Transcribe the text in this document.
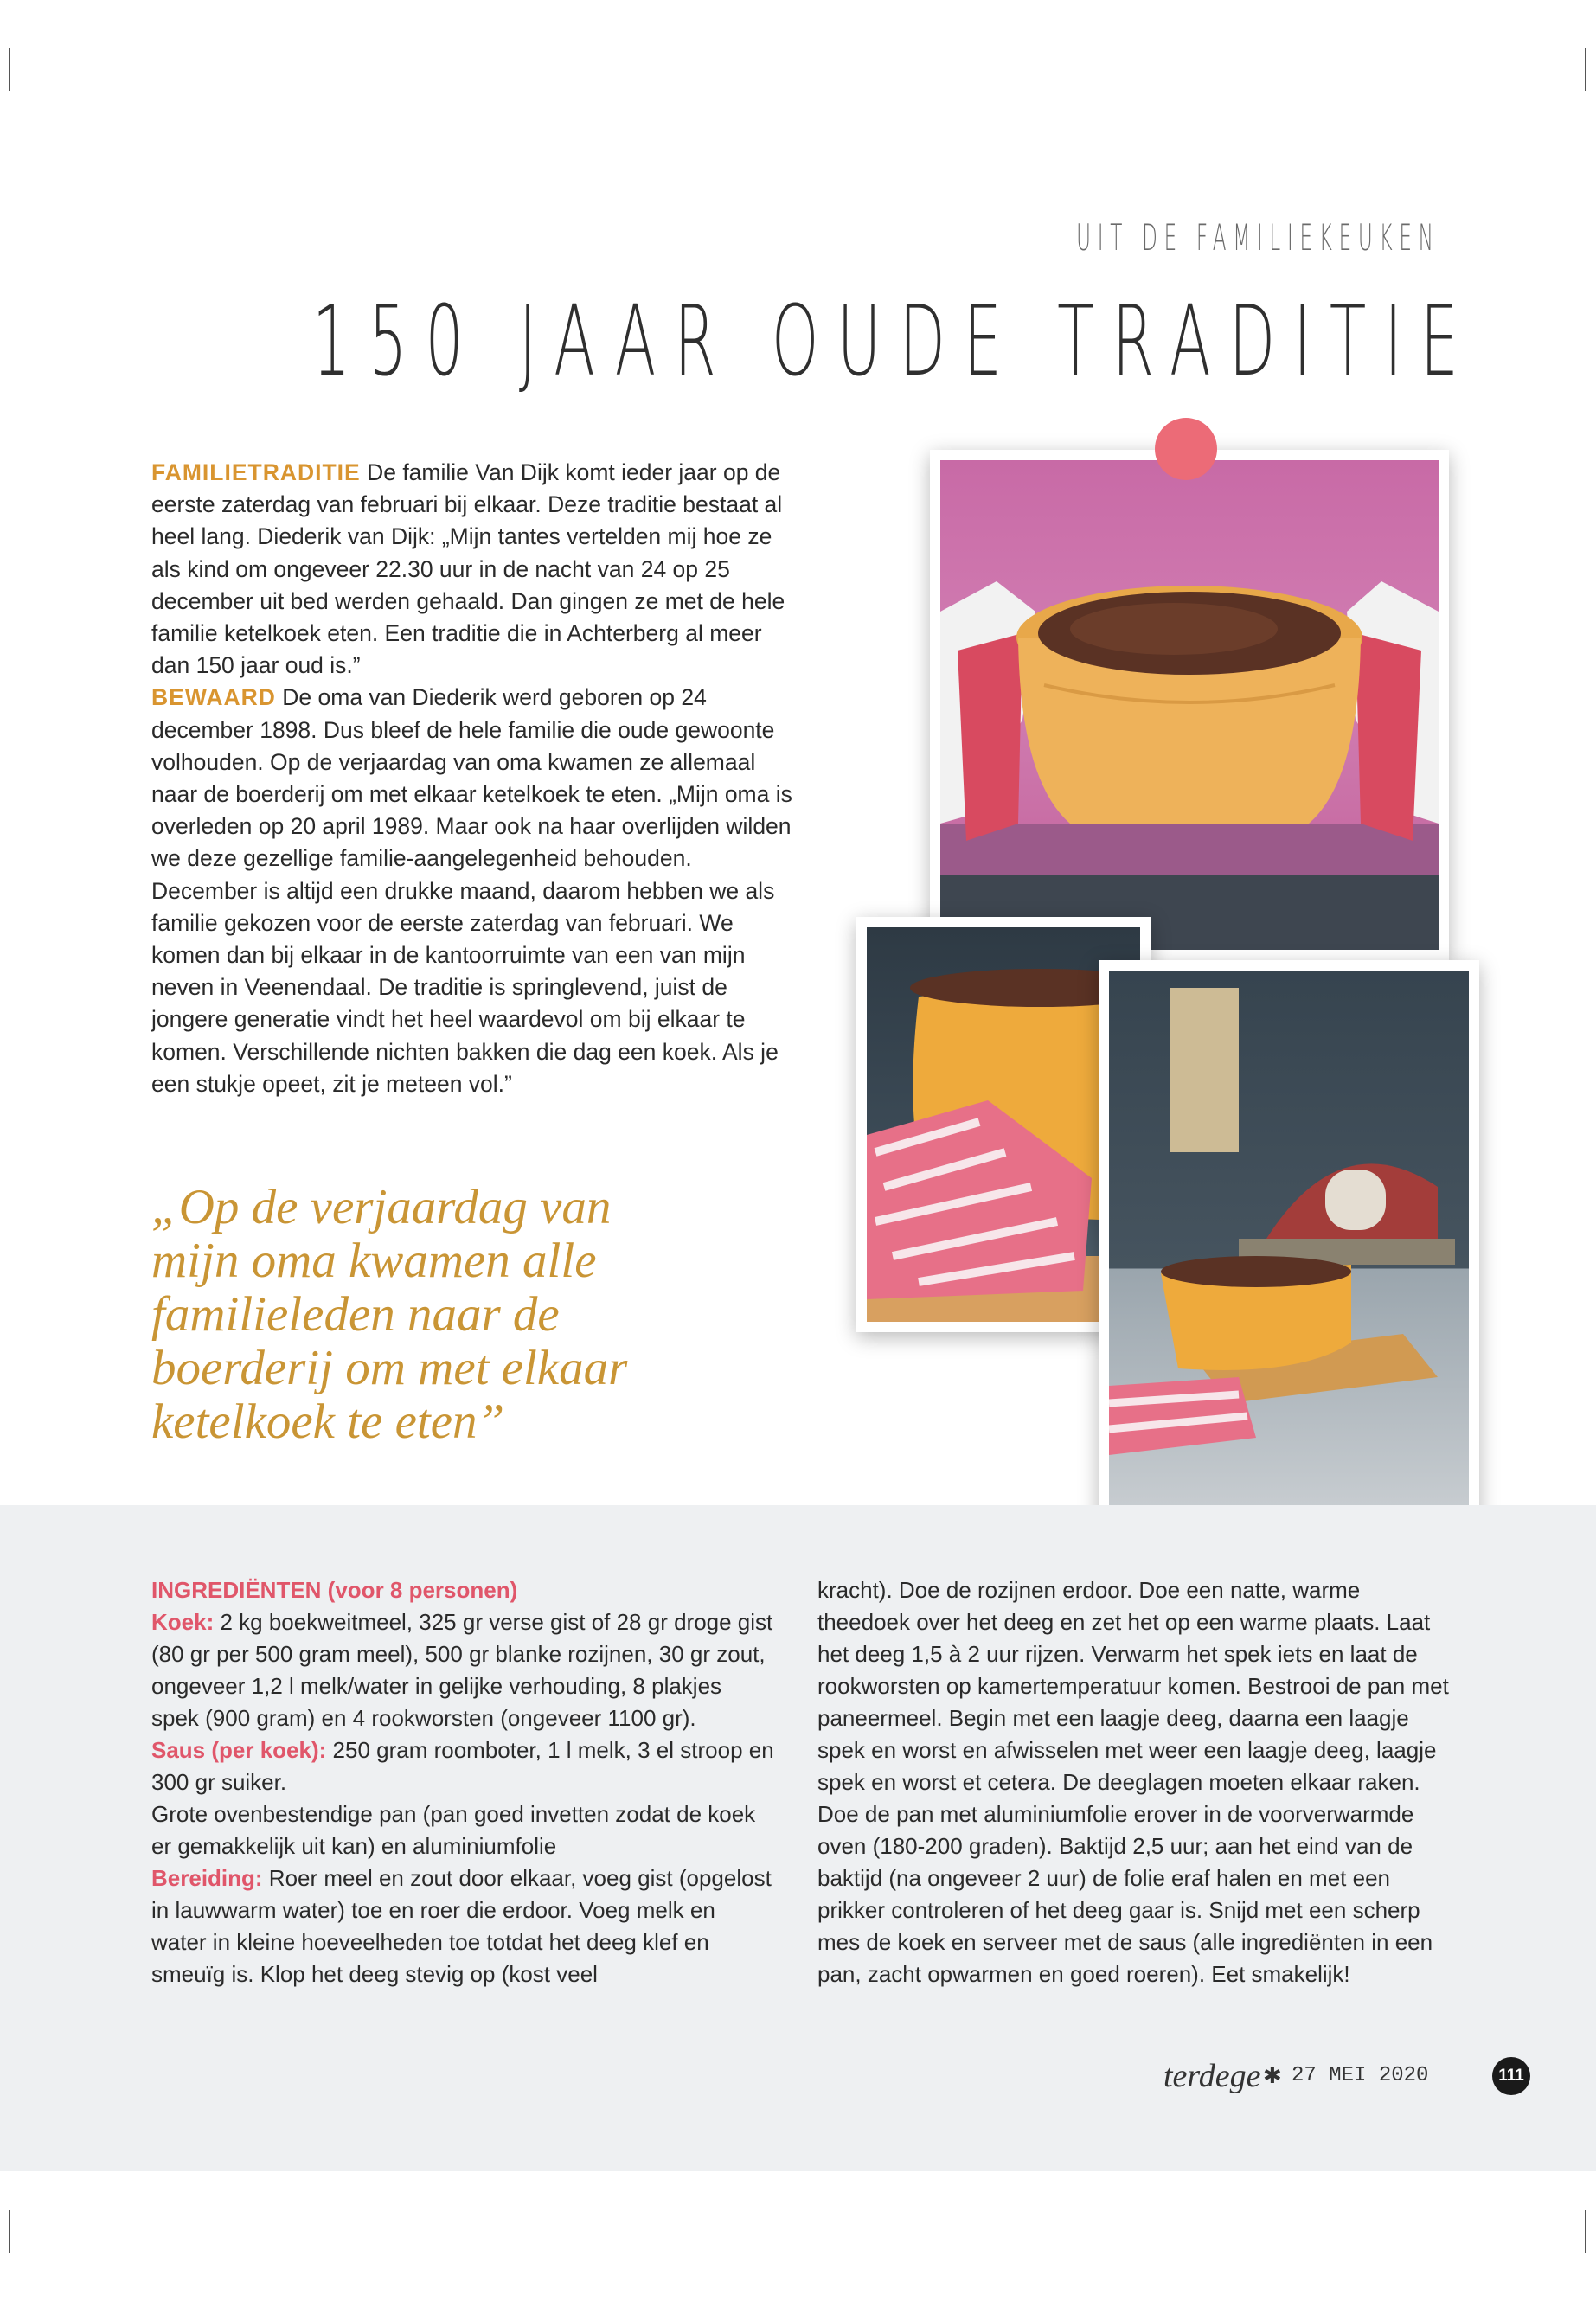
UIT DE FAMILIEKEUKEN
150 JAAR OUDE TRADITIE
FAMILIETRADITIE De familie Van Dijk komt ieder jaar op de eerste zaterdag van februari bij elkaar. Deze traditie bestaat al heel lang. Diederik van Dijk: „Mijn tantes vertelden mij hoe ze als kind om ongeveer 22.30 uur in de nacht van 24 op 25 december uit bed werden gehaald. Dan gingen ze met de hele familie ketelkoek eten. Een traditie die in Achterberg al meer dan 150 jaar oud is.”
BEWAARD De oma van Diederik werd geboren op 24 december 1898. Dus bleef de hele familie die oude gewoonte volhouden. Op de verjaardag van oma kwamen ze allemaal naar de boerderij om met elkaar ketelkoek te eten. „Mijn oma is overleden op 20 april 1989. Maar ook na haar overlijden wilden we deze gezellige familie-aangelegenheid behouden. December is altijd een drukke maand, daarom hebben we als familie gekozen voor de eerste zaterdag van februari. We komen dan bij elkaar in de kantoorruimte van een van mijn neven in Veenendaal. De traditie is springlevend, juist de jongere generatie vindt het heel waardevol om bij elkaar te komen. Verschillende nichten bakken die dag een koek. Als je een stukje opeet, zit je meteen vol.”
„Op de verjaardag van mijn oma kwamen alle familieleden naar de boerderij om met elkaar ketelkoek te eten”
INGREDIËNTEN (voor 8 personen)
Koek: 2 kg boekweitmeel, 325 gr verse gist of 28 gr droge gist (80 gr per 500 gram meel), 500 gr blanke rozijnen, 30 gr zout, ongeveer 1,2 l melk/water in gelijke verhouding, 8 plakjes spek (900 gram) en 4 rookworsten (ongeveer 1100 gr).
Saus (per koek): 250 gram roomboter, 1 l melk, 3 el stroop en 300 gr suiker.
Grote ovenbestendige pan (pan goed invetten zodat de koek er gemakkelijk uit kan) en aluminiumfolie
Bereiding: Roer meel en zout door elkaar, voeg gist (opgelost in lauwwarm water) toe en roer die erdoor. Voeg melk en water in kleine hoeveelheden toe totdat het deeg klef en smeuïg is. Klop het deeg stevig op (kost veel
kracht). Doe de rozijnen erdoor. Doe een natte, warme theedoek over het deeg en zet het op een warme plaats. Laat het deeg 1,5 à 2 uur rijzen. Verwarm het spek iets en laat de rookworsten op kamertemperatuur komen. Bestrooi de pan met paneermeel. Begin met een laagje deeg, daarna een laagje spek en worst en afwisselen met weer een laagje deeg, laagje spek en worst et cetera. De deeglagen moeten elkaar raken. Doe de pan met aluminiumfolie erover in de voorverwarmde oven (180-200 graden). Baktijd 2,5 uur; aan het eind van de baktijd (na ongeveer 2 uur) de folie eraf halen en met een prikker controleren of het deeg gaar is. Snijd met een scherp mes de koek en serveer met de saus (alle ingrediënten in een pan, zacht opwarmen en goed roeren). Eet smakelijk!
terdege ✱ 27 MEI 2020	111
